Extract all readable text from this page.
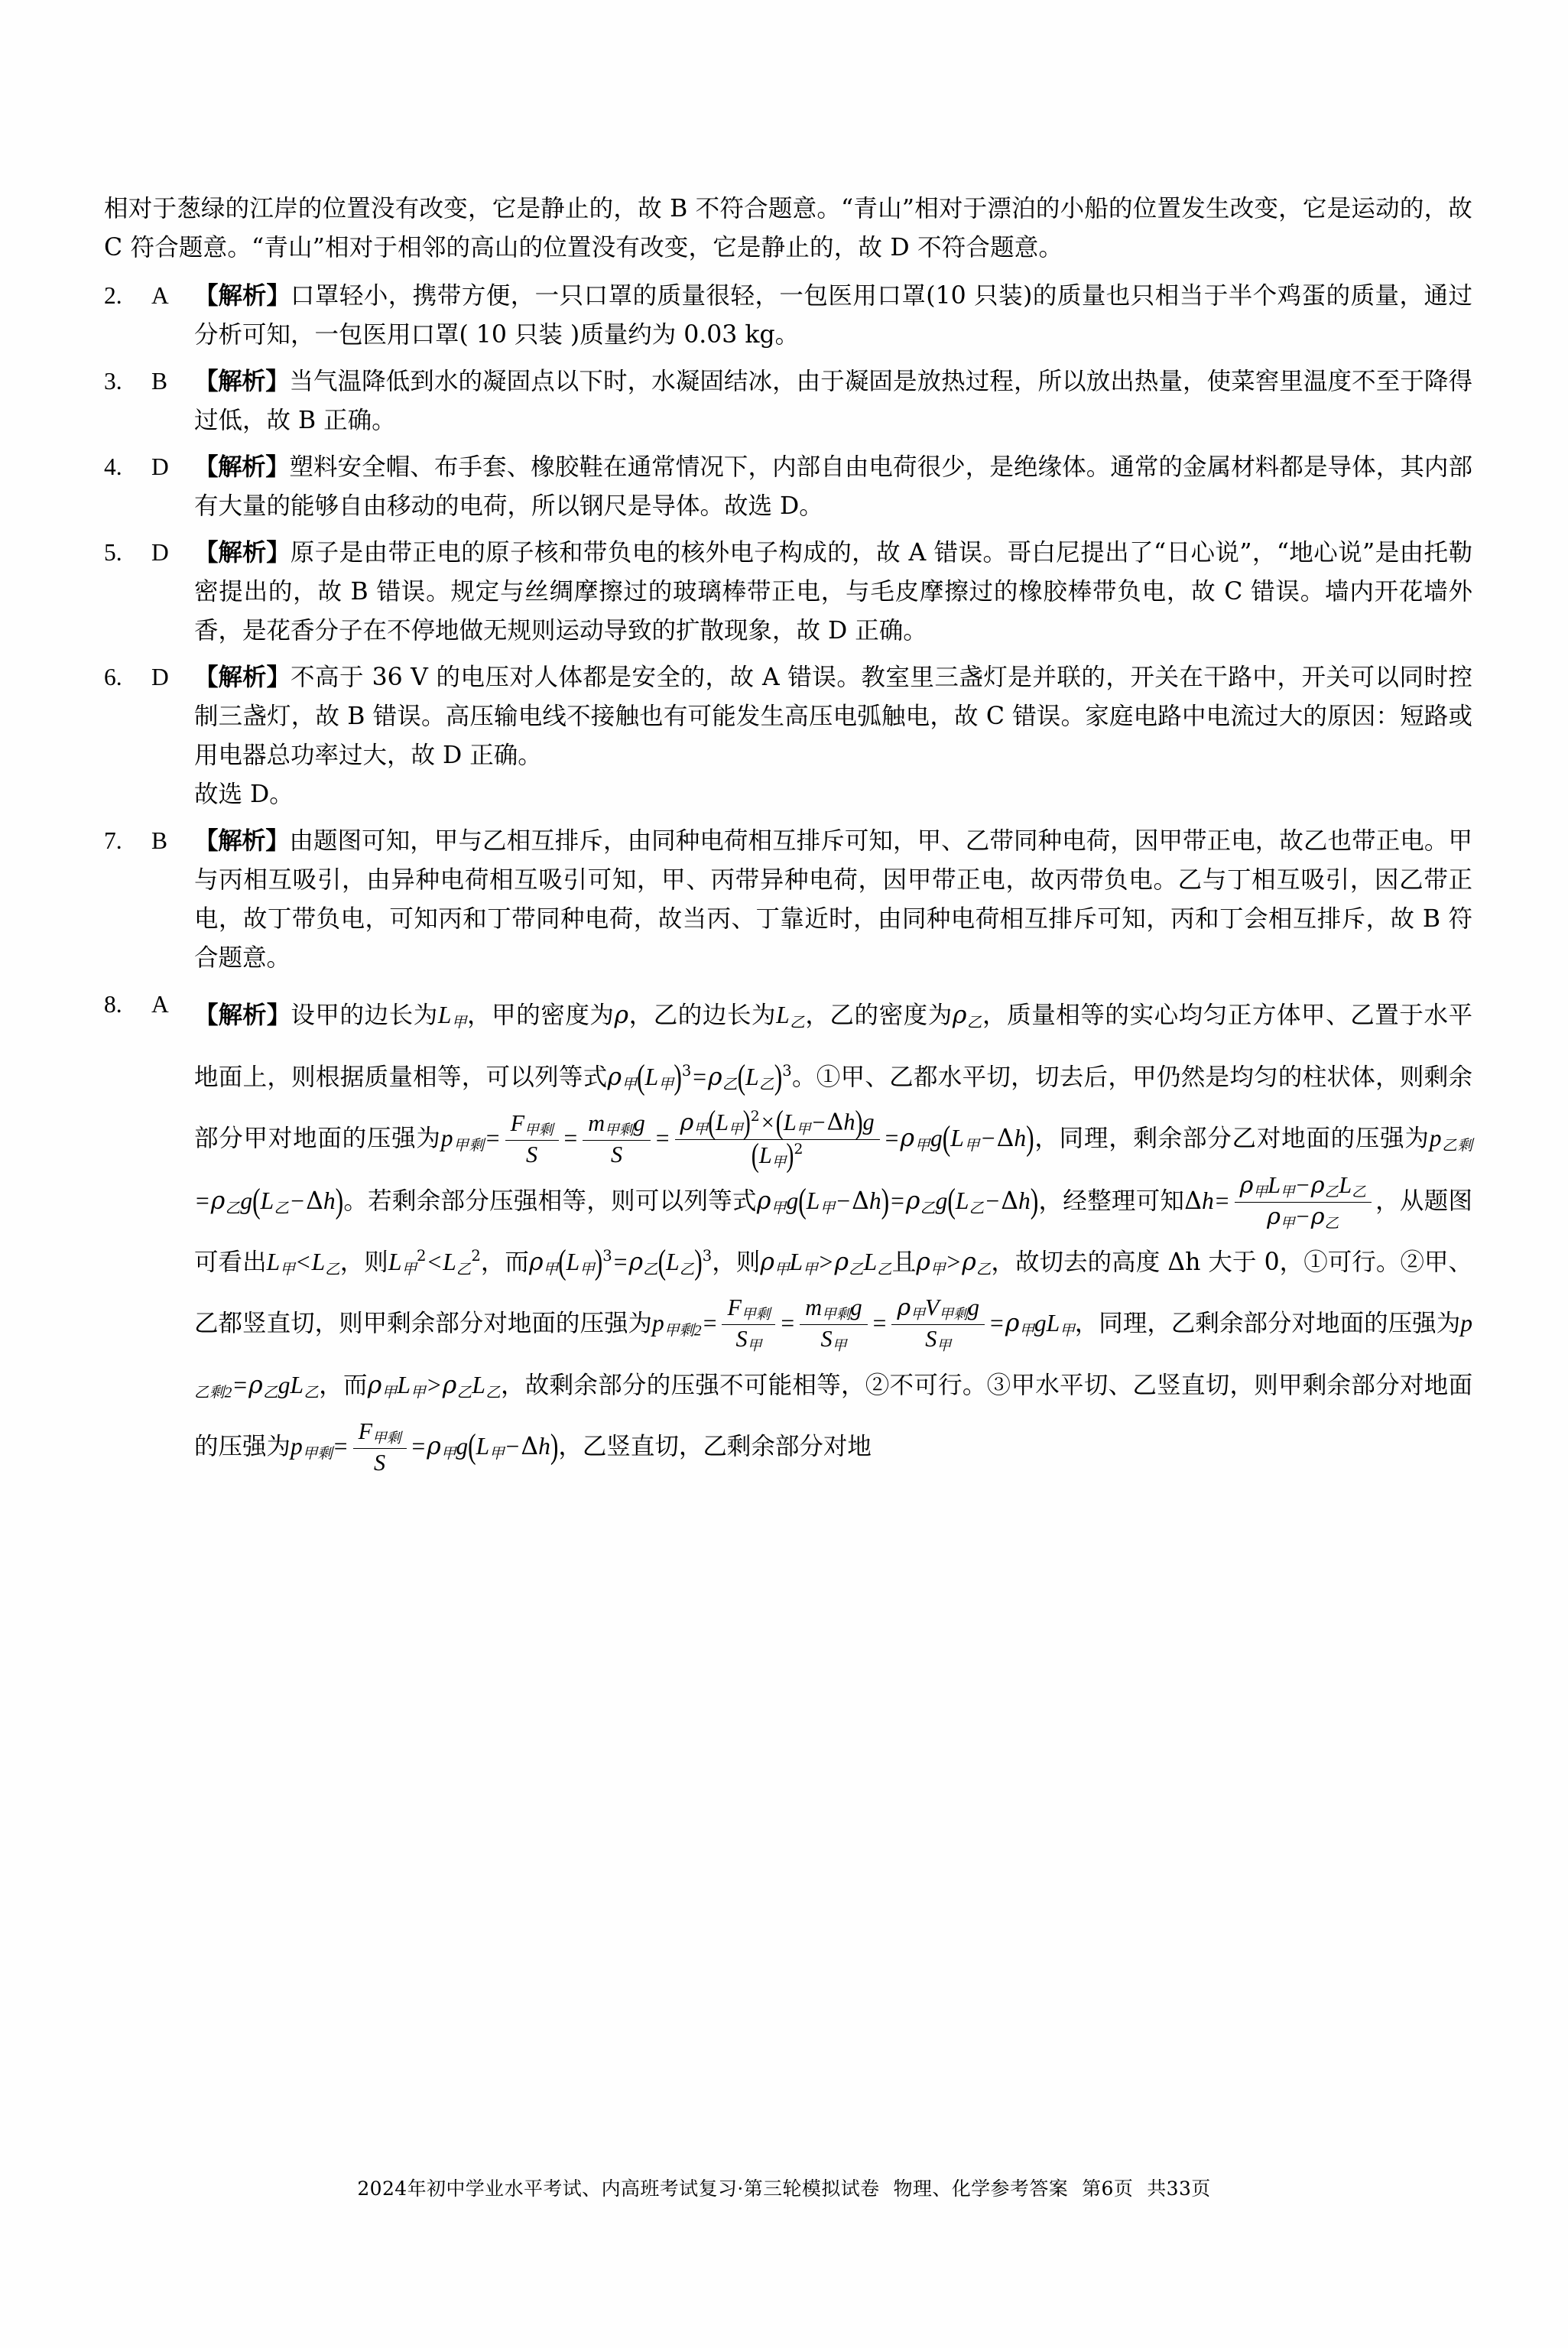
相对于葱绿的江岸的位置没有改变，它是静止的，故 B 不符合题意。“青山”相对于漂泊的小船的位置发生改变，它是运动的，故 C 符合题意。“青山”相对于相邻的高山的位置没有改变，它是静止的，故 D 不符合题意。

2.	A	【解析】口罩轻小，携带方便，一只口罩的质量很轻，一包医用口罩(10 只装)的质量也只相当于半个鸡蛋的质量，通过分析可知，一包医用口罩( 10 只装 )质量约为 0.03 kg。
3.	B	【解析】当气温降低到水的凝固点以下时，水凝固结冰，由于凝固是放热过程，所以放出热量，使菜窖里温度不至于降得过低，故 B 正确。
4.	D	【解析】塑料安全帽、布手套、橡胶鞋在通常情况下，内部自由电荷很少，是绝缘体。通常的金属材料都是导体，其内部有大量的能够自由移动的电荷，所以钢尺是导体。故选 D。
5.	D	【解析】原子是由带正电的原子核和带负电的核外电子构成的，故 A 错误。哥白尼提出了“日心说”，“地心说”是由托勒密提出的，故 B 错误。规定与丝绸摩擦过的玻璃棒带正电，与毛皮摩擦过的橡胶棒带负电，故 C 错误。墙内开花墙外香，是花香分子在不停地做无规则运动导致的扩散现象，故 D 正确。
6.	D	【解析】不高于 36 V 的电压对人体都是安全的，故 A 错误。教室里三盏灯是并联的，开关在干路中，开关可以同时控制三盏灯，故 B 错误。高压输电线不接触也有可能发生高压电弧触电，故 C 错误。家庭电路中电流过大的原因：短路或用电器总功率过大，故 D 正确。
故选 D。
7.	B	【解析】由题图可知，甲与乙相互排斥，由同种电荷相互排斥可知，甲、乙带同种电荷，因甲带正电，故乙也带正电。甲与丙相互吸引，由异种电荷相互吸引可知，甲、丙带异种电荷，因甲带正电，故丙带负电。乙与丁相互吸引，因乙带正电，故丁带负电，可知丙和丁带同种电荷，故当丙、丁靠近时，由同种电荷相互排斥可知，丙和丁会相互排斥，故 B 符合题意。
8.	A	【解析】设甲的边长为$L_甲$，甲的密度为ρ，乙的边长为$L_乙$，乙的密度为$\rho_乙$，质量相等的实心均匀正方体甲、乙置于水平地面上，则根据质量相等，可以列等式$\rho_甲(L_甲)^3=\rho_乙(L_乙)^3$。①甲、乙都水平切，切去后，甲仍然是均匀的柱状体，则剩余部分甲对地面的压强为$p_{甲剩}= \frac{F_{甲剩}}{S} = \frac{m_{甲剩}g}{S} = \frac{\rho_甲(L_甲)^2\times(L_甲-\Delta h)g}{(L_甲)^2} =\rho_甲g(L_甲-\Delta h)$，同理，剩余部分乙对地面的压强为$p_{乙剩}=\rho_乙g(L_乙-\Delta h)$。若剩余部分压强相等，则可以列等式$\rho_甲g(L_甲-\Delta h)=\rho_乙g(L_乙-\Delta h)$，经整理可知$\Delta h= \frac{\rho_甲L_甲-\rho_乙L_乙}{\rho_甲-\rho_乙}$ ，从题图可看出$L_甲<L_乙$，则$L_甲^2<L_乙^2$，而$\rho_甲(L_甲)^3=\rho_乙(L_乙)^3$，则$\rho_甲L_甲>\rho_乙L_乙$且$\rho_甲>\rho_乙$，故切去的高度 Δh 大于 0，①可行。②甲、乙都竖直切，则甲剩余部分对地面的压强为$p_{甲剩2}= \frac{F_{甲剩}}{S_甲} = \frac{m_{甲剩}g}{S_甲} = \frac{\rho_甲V_{甲剩}g}{S_甲} =\rho_甲gL_甲$，同理，乙剩余部分对地面的压强为$p_{乙剩2}=\rho_乙gL_乙$，而$\rho_甲L_甲>\rho_乙L_乙$，故剩余部分的压强不可能相等，②不可行。③甲水平切、乙竖直切，则甲剩余部分对地面的压强为$p_{甲剩}= \frac{F_{甲剩}}{S} =\rho_甲g(L_甲-\Delta h)$，乙竖直切，乙剩余部分对地
2024年初中学业水平考试、内高班考试复习·第三轮模拟试卷 物理、化学参考答案 第6页 共33页
